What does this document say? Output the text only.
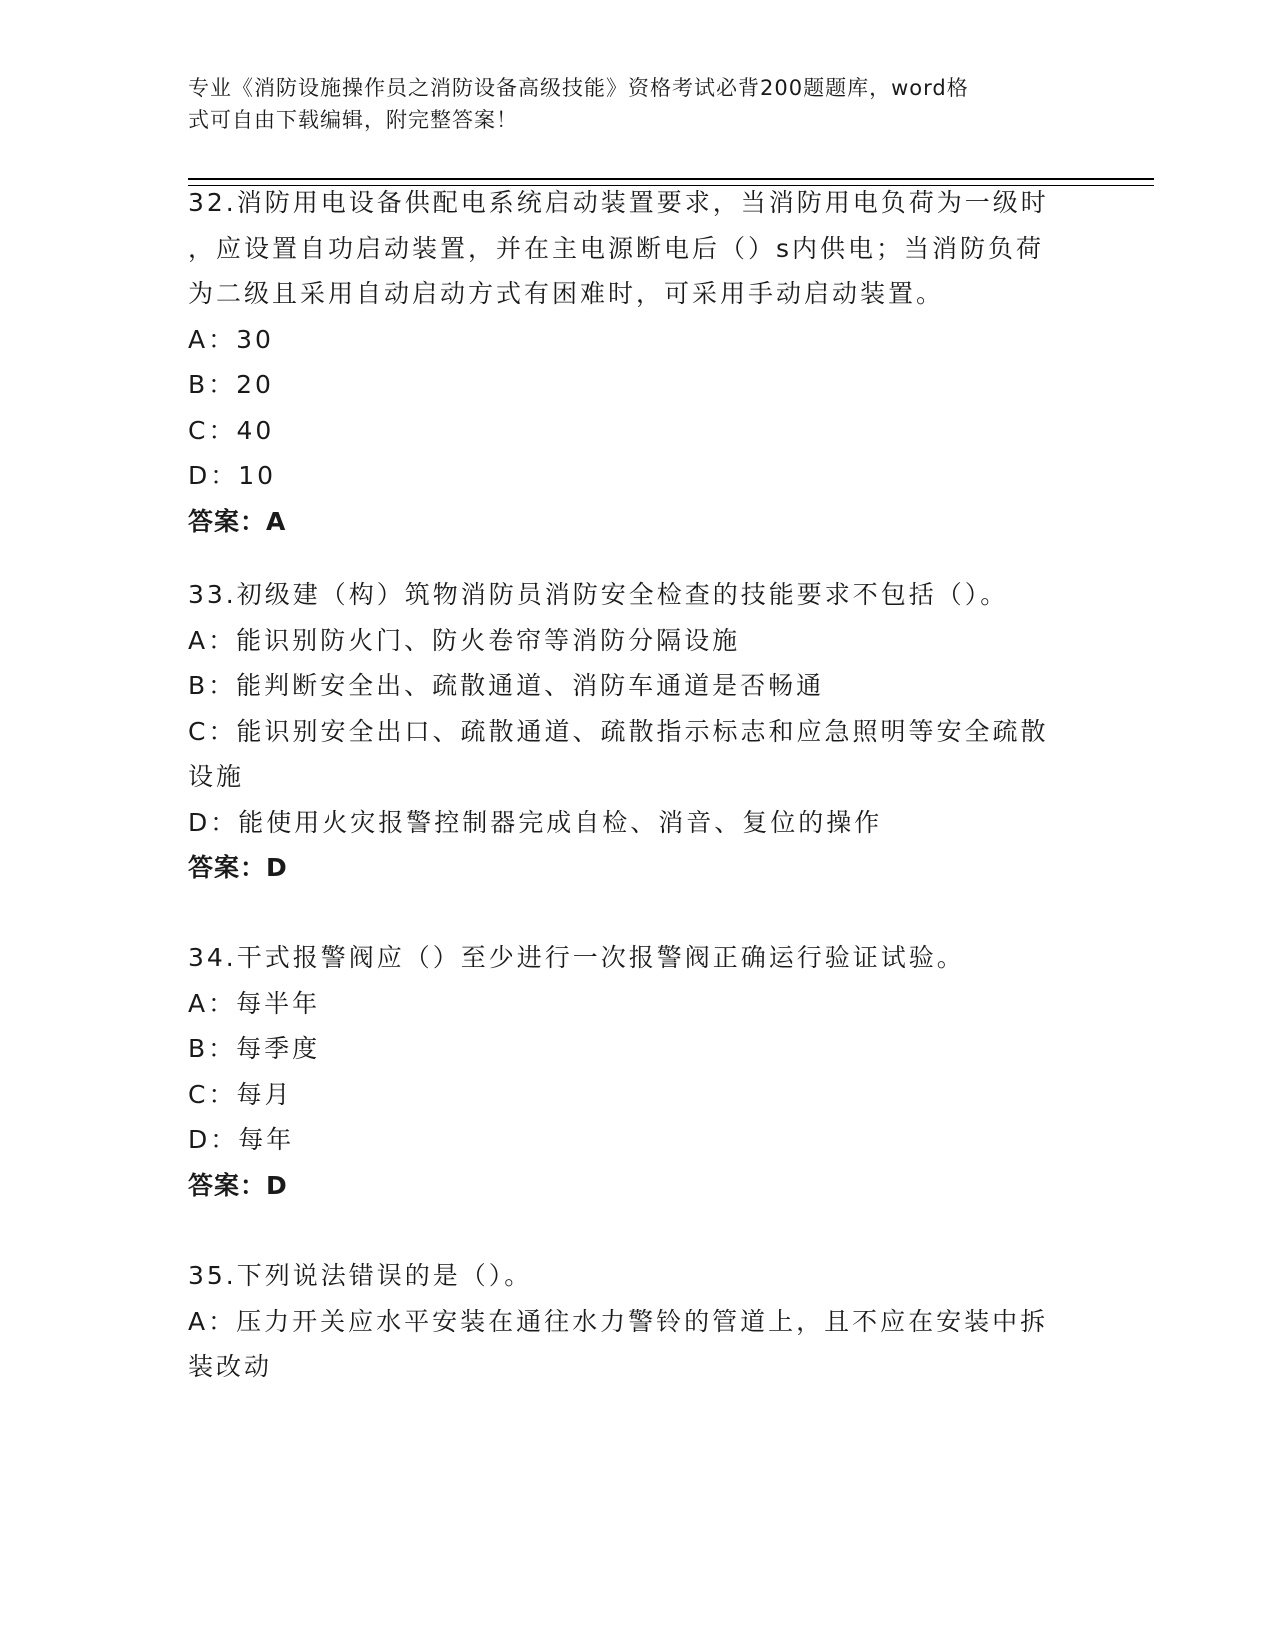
专业《消防设施操作员之消防设备高级技能》资格考试必背200题题库，word格
式可自由下载编辑，附完整答案！
32.消防用电设备供配电系统启动装置要求，当消防用电负荷为一级时
，应设置自功启动装置，并在主电源断电后（）s内供电；当消防负荷
为二级且采用自动启动方式有困难时，可采用手动启动装置。
A：30
B：20
C：40
D：10
答案：A
33.初级建（构）筑物消防员消防安全检查的技能要求不包括（）。
A：能识别防火门、防火卷帘等消防分隔设施
B：能判断安全出、疏散通道、消防车通道是否畅通
C：能识别安全出口、疏散通道、疏散指示标志和应急照明等安全疏散
设施
D：能使用火灾报警控制器完成自检、消音、复位的操作
答案：D
34.干式报警阀应（）至少进行一次报警阀正确运行验证试验。
A：每半年
B：每季度
C：每月
D：每年
答案：D
35.下列说法错误的是（）。
A：压力开关应水平安装在通往水力警铃的管道上，且不应在安装中拆
装改动
